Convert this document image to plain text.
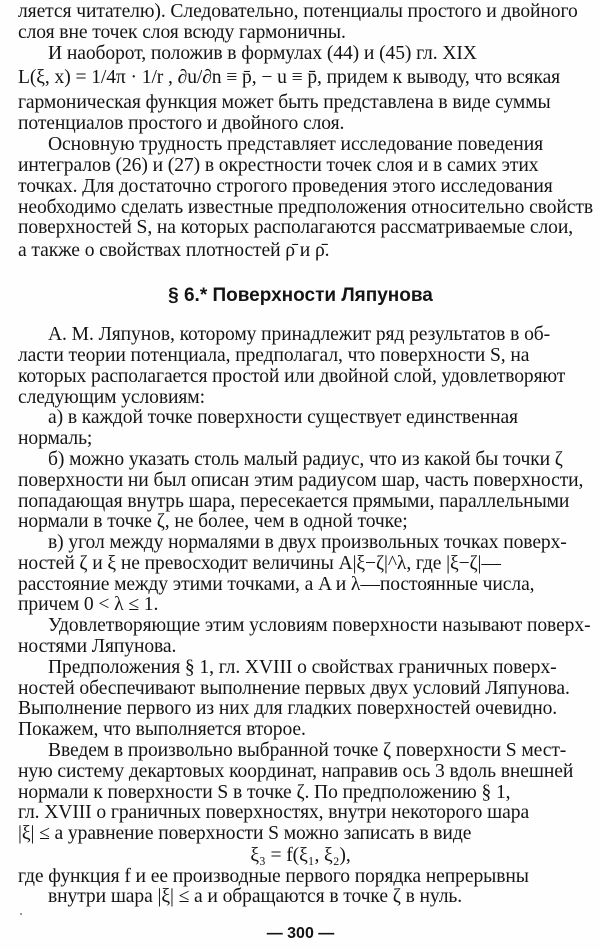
ляется читателю). Следовательно, потенциалы простого и двойного
слоя вне точек слоя всюду гармоничны.
И наоборот, положив в формулах (44) и (45) гл. XIX
L(ξ, x) = 1/4π · 1/r , ∂u/∂n ≡ p̄, − u ≡ p̄̄, придем к выводу, что всякая
гармоническая функция может быть представлена в виде суммы
потенциалов простого и двойного слоя.
Основную трудность представляет исследование поведения
интегралов (26) и (27) в окрестности точек слоя и в самих этих
точках. Для достаточно строгого проведения этого исследования
необходимо сделать известные предположения относительно свойств
поверхностей S, на которых располагаются рассматриваемые слои,
а также о свойствах плотностей ρ̄ и ρ̄̄.
§ 6.* Поверхности Ляпунова
А. М. Ляпунов, которому принадлежит ряд результатов в об-
ласти теории потенциала, предполагал, что поверхности S, на
которых располагается простой или двойной слой, удовлетворяют
следующим условиям:
а) в каждой точке поверхности существует единственная
нормаль;
б) можно указать столь малый радиус, что из какой бы точки ζ
поверхности ни был описан этим радиусом шар, часть поверхности,
попадающая внутрь шара, пересекается прямыми, параллельными
нормали в точке ζ, не более, чем в одной точке;
в) угол между нормалями в двух произвольных точках поверх-
ностей ζ и ξ не превосходит величины A|ξ−ζ|^λ, где |ξ−ζ|—
расстояние между этими точками, а A и λ—постоянные числа,
причем 0 < λ ≤ 1.
Удовлетворяющие этим условиям поверхности называют поверх-
ностями Ляпунова.
Предположения § 1, гл. XVIII о свойствах граничных поверх-
ностей обеспечивают выполнение первых двух условий Ляпунова.
Выполнение первого из них для гладких поверхностей очевидно.
Покажем, что выполняется второе.
Введем в произвольно выбранной точке ζ поверхности S мест-
ную систему декартовых координат, направив ось 3 вдоль внешней
нормали к поверхности S в точке ζ. По предположению § 1,
гл. XVIII о граничных поверхностях, внутри некоторого шара
|ξ| ≤ a уравнение поверхности S можно записать в виде
ξ₃ = f(ξ₁, ξ₂),
где функция f и ее производные первого порядка непрерывны
внутри шара |ξ| ≤ a и обращаются в точке ζ в нуль.
— 300 —
